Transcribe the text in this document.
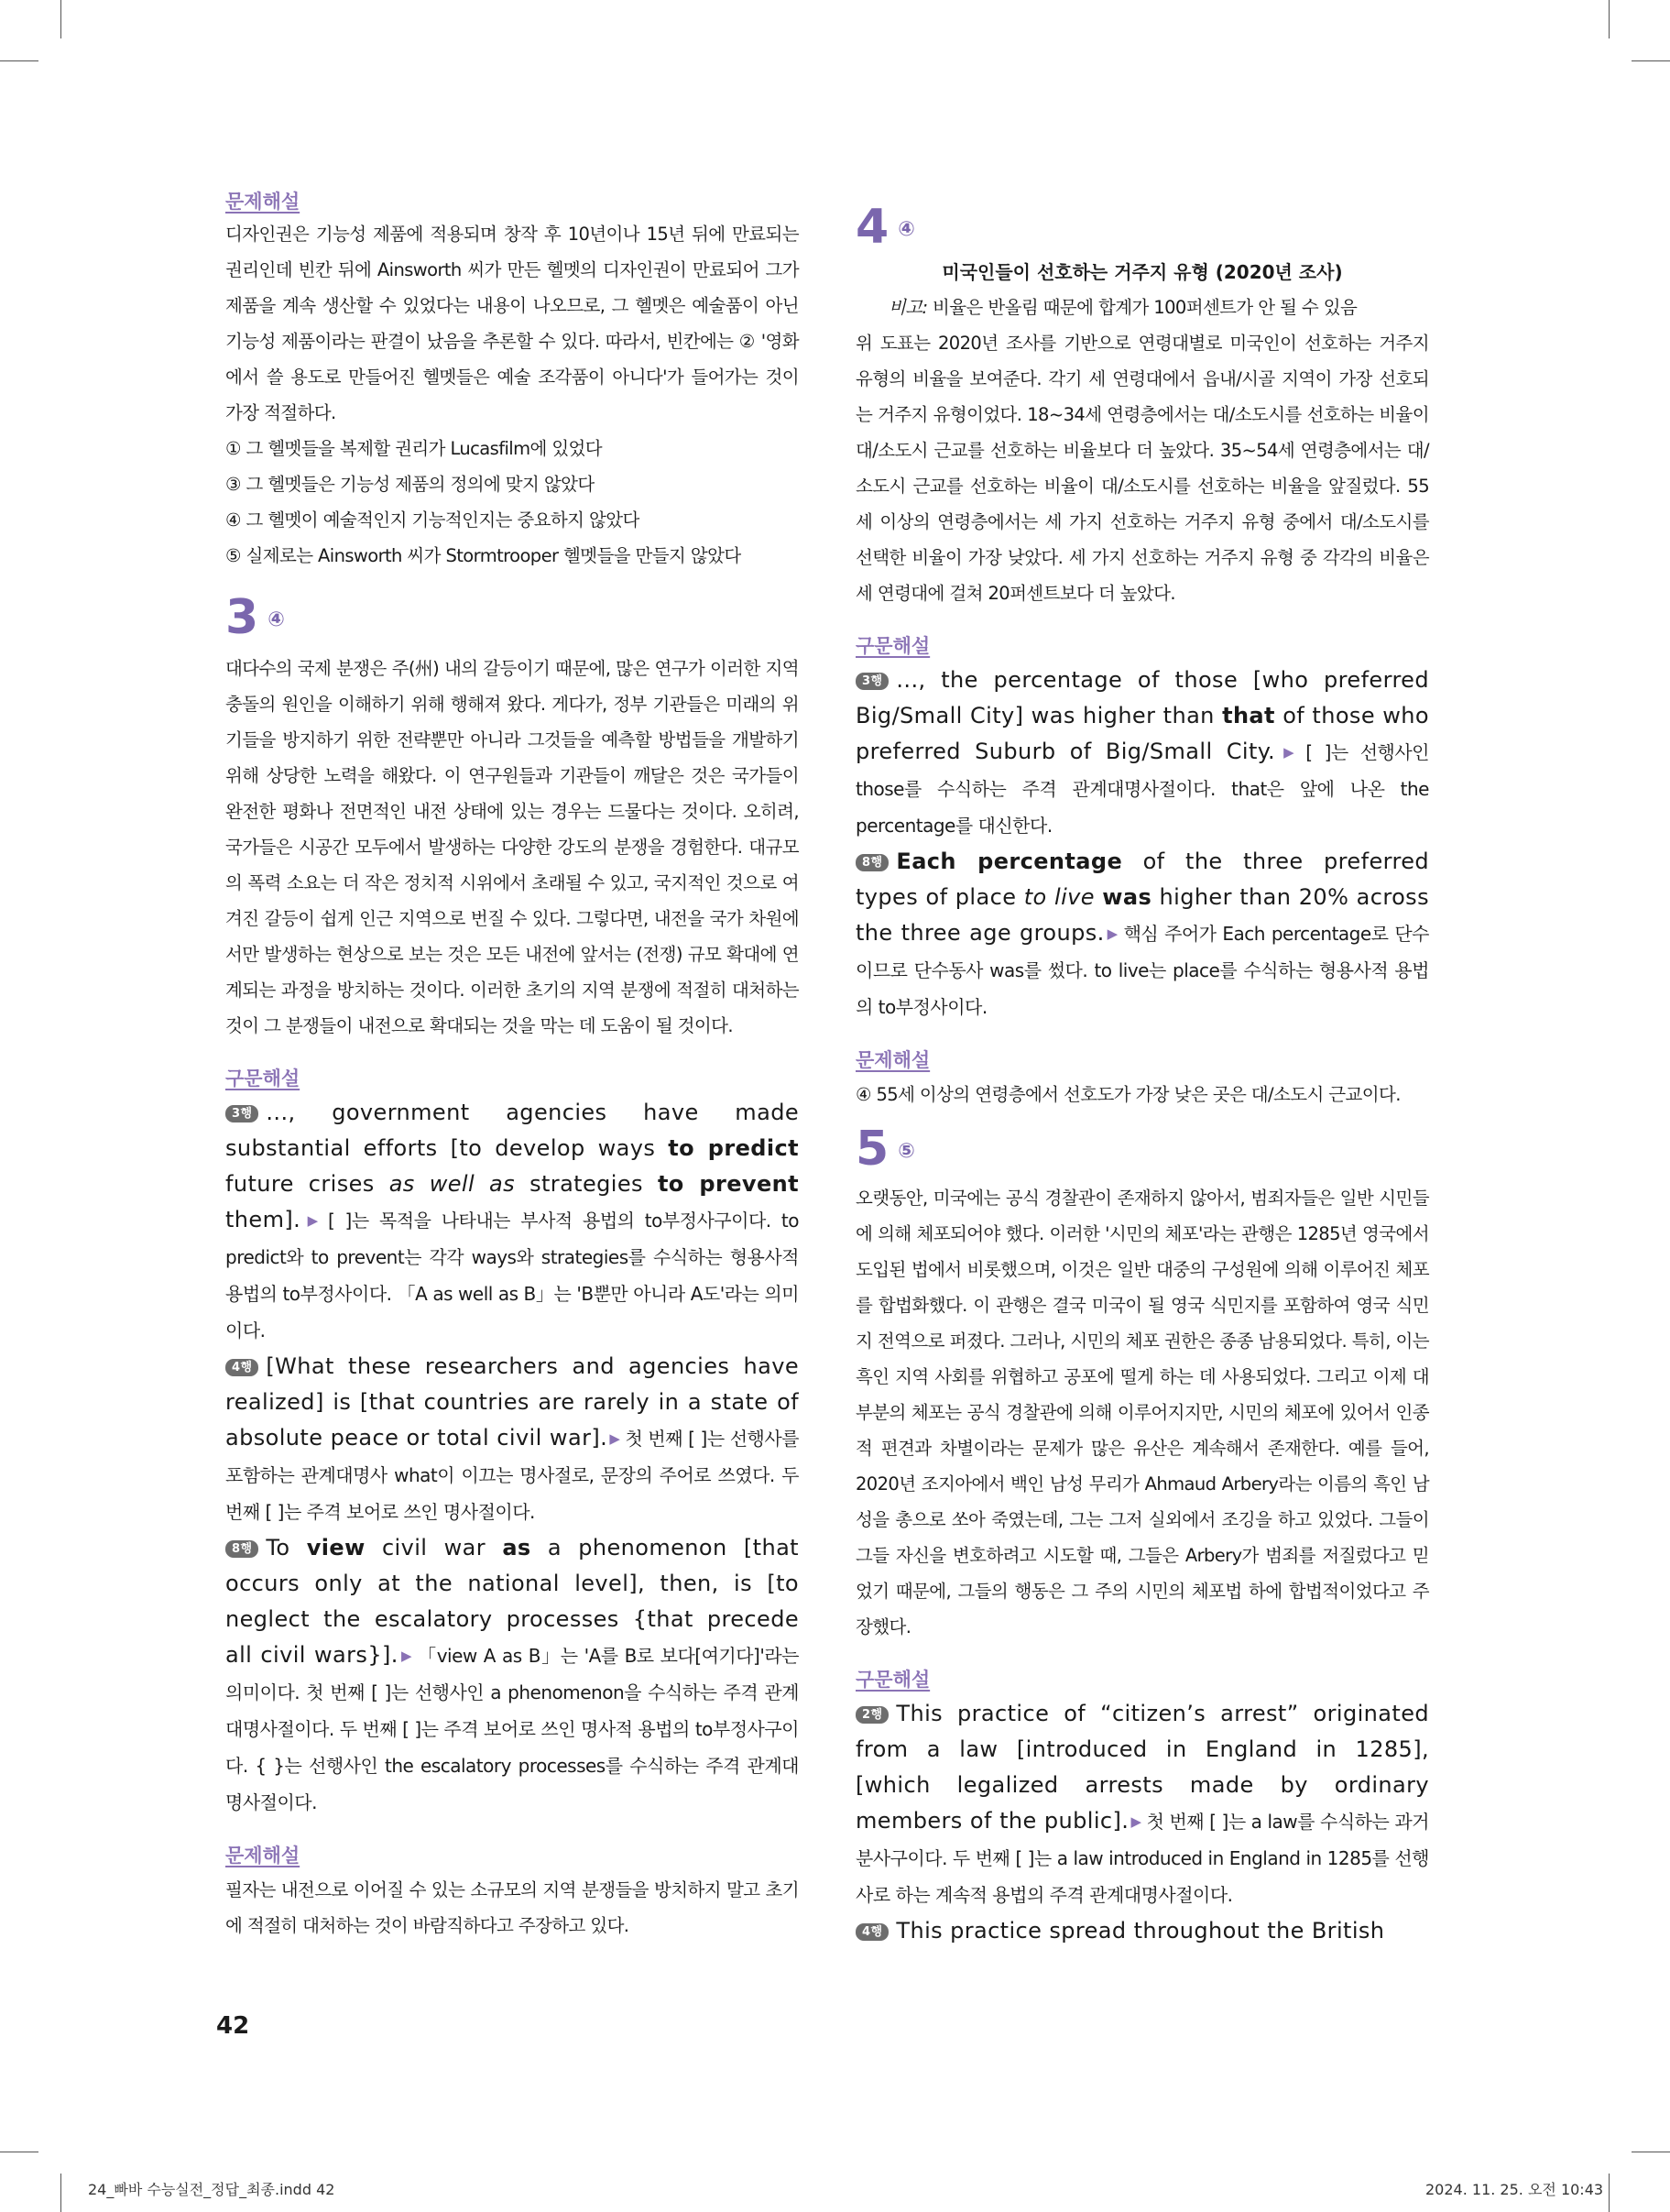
문제해설

디자인권은 기능성 제품에 적용되며 창작 후 10년이나 15년 뒤에 만료되는 권리인데 빈칸 뒤에 Ainsworth 씨가 만든 헬멧의 디자인권이 만료되어 그가 제품을 계속 생산할 수 있었다는 내용이 나오므로, 그 헬멧은 예술품이 아닌 기능성 제품이라는 판결이 났음을 추론할 수 있다. 따라서, 빈칸에는 ② '영화에서 쓸 용도로 만들어진 헬멧들은 예술 조각품이 아니다'가 들어가는 것이 가장 적절하다.

① 그 헬멧들을 복제할 권리가 Lucasfilm에 있었다

③ 그 헬멧들은 기능성 제품의 정의에 맞지 않았다

④ 그 헬멧이 예술적인지 기능적인지는 중요하지 않았다

⑤ 실제로는 Ainsworth 씨가 Stormtrooper 헬멧들을 만들지 않았다

3 ④

대다수의 국제 분쟁은 주(州) 내의 갈등이기 때문에, 많은 연구가 이러한 지역 충돌의 원인을 이해하기 위해 행해져 왔다. 게다가, 정부 기관들은 미래의 위기들을 방지하기 위한 전략뿐만 아니라 그것들을 예측할 방법들을 개발하기 위해 상당한 노력을 해왔다. 이 연구원들과 기관들이 깨달은 것은 국가들이 완전한 평화나 전면적인 내전 상태에 있는 경우는 드물다는 것이다. 오히려, 국가들은 시공간 모두에서 발생하는 다양한 강도의 분쟁을 경험한다. 대규모의 폭력 소요는 더 작은 정치적 시위에서 초래될 수 있고, 국지적인 것으로 여겨진 갈등이 쉽게 인근 지역으로 번질 수 있다. 그렇다면, 내전을 국가 차원에서만 발생하는 현상으로 보는 것은 모든 내전에 앞서는 (전쟁) 규모 확대에 연계되는 과정을 방치하는 것이다. 이러한 초기의 지역 분쟁에 적절히 대처하는 것이 그 분쟁들이 내전으로 확대되는 것을 막는 데 도움이 될 것이다.

구문해설

3행 ..., government agencies have made substantial efforts [to develop ways to predict future crises as well as strategies to prevent them]. ▶ [ ]는 목적을 나타내는 부사적 용법의 to부정사구이다. to predict와 to prevent는 각각 ways와 strategies를 수식하는 형용사적 용법의 to부정사이다. 「A as well as B」는 'B뿐만 아니라 A도'라는 의미이다.

4행 [What these researchers and agencies have realized] is [that countries are rarely in a state of absolute peace or total civil war]. ▶ 첫 번째 [ ]는 선행사를 포함하는 관계대명사 what이 이끄는 명사절로, 문장의 주어로 쓰였다. 두 번째 [ ]는 주격 보어로 쓰인 명사절이다.

8행 To view civil war as a phenomenon [that occurs only at the national level], then, is [to neglect the escalatory processes {that precede all civil wars}]. ▶ 「view A as B」는 'A를 B로 보다[여기다]'라는 의미이다. 첫 번째 [ ]는 선행사인 a phenomenon을 수식하는 주격 관계대명사절이다. 두 번째 [ ]는 주격 보어로 쓰인 명사적 용법의 to부정사구이다. { }는 선행사인 the escalatory processes를 수식하는 주격 관계대명사절이다.

문제해설

필자는 내전으로 이어질 수 있는 소규모의 지역 분쟁들을 방치하지 말고 초기에 적절히 대처하는 것이 바람직하다고 주장하고 있다.

4 ④

미국인들이 선호하는 거주지 유형 (2020년 조사)

비고: 비율은 반올림 때문에 합계가 100퍼센트가 안 될 수 있음

위 도표는 2020년 조사를 기반으로 연령대별로 미국인이 선호하는 거주지 유형의 비율을 보여준다. 각기 세 연령대에서 읍내/시골 지역이 가장 선호되는 거주지 유형이었다. 18~34세 연령층에서는 대/소도시를 선호하는 비율이 대/소도시 근교를 선호하는 비율보다 더 높았다. 35~54세 연령층에서는 대/소도시 근교를 선호하는 비율이 대/소도시를 선호하는 비율을 앞질렀다. 55세 이상의 연령층에서는 세 가지 선호하는 거주지 유형 중에서 대/소도시를 선택한 비율이 가장 낮았다. 세 가지 선호하는 거주지 유형 중 각각의 비율은 세 연령대에 걸쳐 20퍼센트보다 더 높았다.

구문해설

3행 ..., the percentage of those [who preferred Big/Small City] was higher than that of those who preferred Suburb of Big/Small City. ▶ [ ]는 선행사인 those를 수식하는 주격 관계대명사절이다. that은 앞에 나온 the percentage를 대신한다.

8행 Each percentage of the three preferred types of place to live was higher than 20% across the three age groups. ▶ 핵심 주어가 Each percentage로 단수이므로 단수동사 was를 썼다. to live는 place를 수식하는 형용사적 용법의 to부정사이다.

문제해설

④ 55세 이상의 연령층에서 선호도가 가장 낮은 곳은 대/소도시 근교이다.

5 ⑤

오랫동안, 미국에는 공식 경찰관이 존재하지 않아서, 범죄자들은 일반 시민들에 의해 체포되어야 했다. 이러한 '시민의 체포'라는 관행은 1285년 영국에서 도입된 법에서 비롯했으며, 이것은 일반 대중의 구성원에 의해 이루어진 체포를 합법화했다. 이 관행은 결국 미국이 될 영국 식민지를 포함하여 영국 식민지 전역으로 퍼졌다. 그러나, 시민의 체포 권한은 종종 남용되었다. 특히, 이는 흑인 지역 사회를 위협하고 공포에 떨게 하는 데 사용되었다. 그리고 이제 대부분의 체포는 공식 경찰관에 의해 이루어지지만, 시민의 체포에 있어서 인종적 편견과 차별이라는 문제가 많은 유산은 계속해서 존재한다. 예를 들어, 2020년 조지아에서 백인 남성 무리가 Ahmaud Arbery라는 이름의 흑인 남성을 총으로 쏘아 죽였는데, 그는 그저 실외에서 조깅을 하고 있었다. 그들이 그들 자신을 변호하려고 시도할 때, 그들은 Arbery가 범죄를 저질렀다고 믿었기 때문에, 그들의 행동은 그 주의 시민의 체포법 하에 합법적이었다고 주장했다.

구문해설

2행 This practice of “citizen’s arrest” originated from a law [introduced in England in 1285], [which legalized arrests made by ordinary members of the public]. ▶ 첫 번째 [ ]는 a law를 수식하는 과거분사구이다. 두 번째 [ ]는 a law introduced in England in 1285를 선행사로 하는 계속적 용법의 주격 관계대명사절이다.

4행 This practice spread throughout the British

42
24_빠바 수능실전_정답_최종.indd 42	2024. 11. 25. 오전 10:43
